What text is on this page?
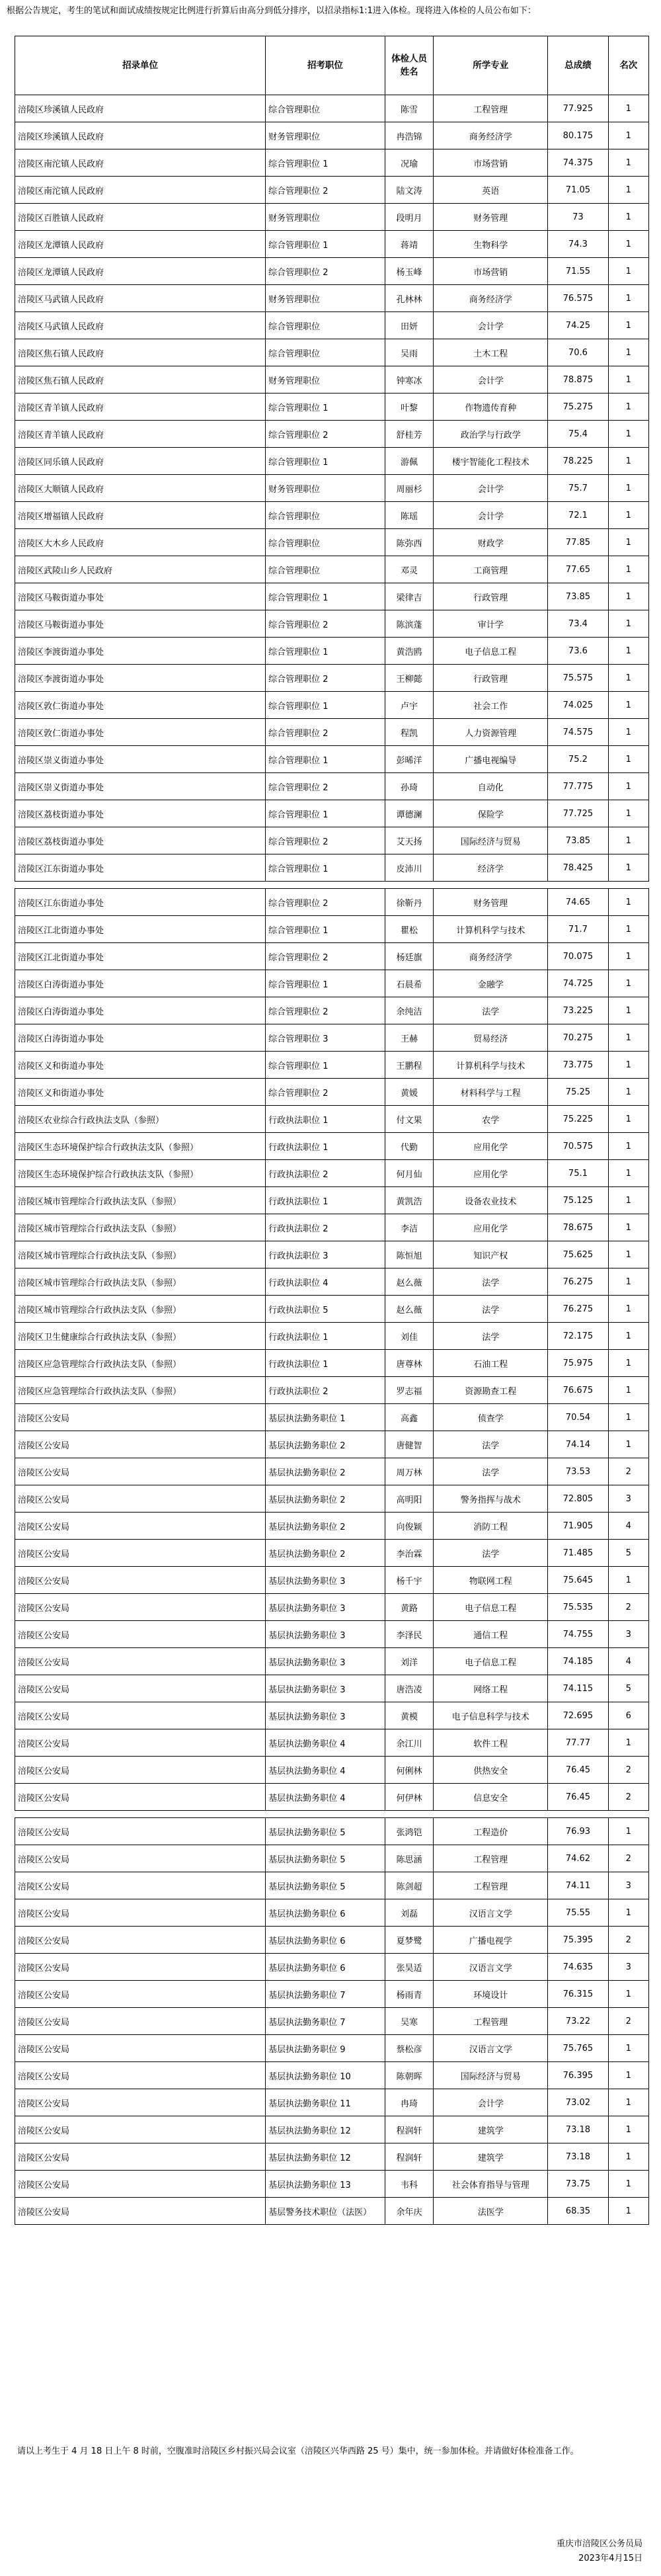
根据公告规定，考生的笔试和面试成绩按规定比例进行折算后由高分到低分排序，以招录指标1:1进入体检。现将进入体检的人员公布如下：
招录单位	招考职位	体检人员姓名	所学专业	总成绩	名次
涪陵区珍溪镇人民政府	综合管理职位	陈雪	工程管理	77.925	1
涪陵区珍溪镇人民政府	财务管理职位	冉浩锦	商务经济学	80.175	1
涪陵区南沱镇人民政府	综合管理职位 1	况瑜	市场营销	74.375	1
涪陵区南沱镇人民政府	综合管理职位 2	陆文涛	英语	71.05	1
涪陵区百胜镇人民政府	财务管理职位	段明月	财务管理	73	1
涪陵区龙潭镇人民政府	综合管理职位 1	蒋靖	生物科学	74.3	1
涪陵区龙潭镇人民政府	综合管理职位 2	杨玉峰	市场营销	71.55	1
涪陵区马武镇人民政府	财务管理职位	孔林林	商务经济学	76.575	1
涪陵区马武镇人民政府	综合管理职位	田妍	会计学	74.25	1
涪陵区焦石镇人民政府	综合管理职位	吴雨	土木工程	70.6	1
涪陵区焦石镇人民政府	财务管理职位	钟寒冰	会计学	78.875	1
涪陵区青羊镇人民政府	综合管理职位 1	叶黎	作物遗传育种	75.275	1
涪陵区青羊镇人民政府	综合管理职位 2	舒桂芳	政治学与行政学	75.4	1
涪陵区同乐镇人民政府	综合管理职位 1	游佩	楼宇智能化工程技术	78.225	1
涪陵区大顺镇人民政府	财务管理职位	周丽杉	会计学	75.7	1
涪陵区增福镇人民政府	综合管理职位	陈瑶	会计学	72.1	1
涪陵区大木乡人民政府	综合管理职位	陈弥西	财政学	77.85	1
涪陵区武陵山乡人民政府	综合管理职位	邓灵	工商管理	77.65	1
涪陵区马鞍街道办事处	综合管理职位 1	梁律吉	行政管理	73.85	1
涪陵区马鞍街道办事处	综合管理职位 2	陈滨蓬	审计学	73.4	1
涪陵区李渡街道办事处	综合管理职位 1	黄浩鸥	电子信息工程	73.6	1
涪陵区李渡街道办事处	综合管理职位 2	王柳懿	行政管理	75.575	1
涪陵区敦仁街道办事处	综合管理职位 1	卢宇	社会工作	74.025	1
涪陵区敦仁街道办事处	综合管理职位 2	程凯	人力资源管理	74.575	1
涪陵区崇义街道办事处	综合管理职位 1	彭晞洋	广播电视编导	75.2	1
涪陵区崇义街道办事处	综合管理职位 2	孙琦	自动化	77.775	1
涪陵区荔枝街道办事处	综合管理职位 1	谭德澜	保险学	77.725	1
涪陵区荔枝街道办事处	综合管理职位 2	艾天扬	国际经济与贸易	73.85	1
涪陵区江东街道办事处	综合管理职位 1	皮沛川	经济学	78.425	1

涪陵区江东街道办事处	综合管理职位 2	徐靳丹	财务管理	74.65	1
涪陵区江北街道办事处	综合管理职位 1	瞿松	计算机科学与技术	71.7	1
涪陵区江北街道办事处	综合管理职位 2	杨廷旗	商务经济学	70.075	1
涪陵区白涛街道办事处	综合管理职位 1	石晨希	金融学	74.725	1
涪陵区白涛街道办事处	综合管理职位 2	余纯洁	法学	73.225	1
涪陵区白涛街道办事处	综合管理职位 3	王赫	贸易经济	70.275	1
涪陵区义和街道办事处	综合管理职位 1	王鹏程	计算机科学与技术	73.775	1
涪陵区义和街道办事处	综合管理职位 2	黄媛	材料科学与工程	75.25	1
涪陵区农业综合行政执法支队（参照）	行政执法职位 1	付文果	农学	75.225	1
涪陵区生态环境保护综合行政执法支队（参照）	行政执法职位 1	代勤	应用化学	70.575	1
涪陵区生态环境保护综合行政执法支队（参照）	行政执法职位 2	何月仙	应用化学	75.1	1
涪陵区城市管理综合行政执法支队（参照）	行政执法职位 1	黄凯浩	设备农业技术	75.125	1
涪陵区城市管理综合行政执法支队（参照）	行政执法职位 2	李洁	应用化学	78.675	1
涪陵区城市管理综合行政执法支队（参照）	行政执法职位 3	陈恒旭	知识产权	75.625	1
涪陵区城市管理综合行政执法支队（参照）	行政执法职位 4	赵么薇	法学	76.275	1
涪陵区城市管理综合行政执法支队（参照）	行政执法职位 5	赵么薇	法学	76.275	1
涪陵区卫生健康综合行政执法支队（参照）	行政执法职位 1	刘佳	法学	72.175	1
涪陵区应急管理综合行政执法支队（参照）	行政执法职位 1	唐尊林	石油工程	75.975	1
涪陵区应急管理综合行政执法支队（参照）	行政执法职位 2	罗志福	资源勘查工程	76.675	1
涪陵区公安局	基层执法勤务职位 1	高鑫	侦查学	70.54	1
涪陵区公安局	基层执法勤务职位 2	唐健智	法学	74.14	1
涪陵区公安局	基层执法勤务职位 2	周万林	法学	73.53	2
涪陵区公安局	基层执法勤务职位 2	高明阳	警务指挥与战术	72.805	3
涪陵区公安局	基层执法勤务职位 2	向俊颖	消防工程	71.905	4
涪陵区公安局	基层执法勤务职位 2	李治霖	法学	71.485	5
涪陵区公安局	基层执法勤务职位 3	杨千宇	物联网工程	75.645	1
涪陵区公安局	基层执法勤务职位 3	黄路	电子信息工程	75.535	2
涪陵区公安局	基层执法勤务职位 3	李泽民	通信工程	74.755	3
涪陵区公安局	基层执法勤务职位 3	刘洋	电子信息工程	74.185	4
涪陵区公安局	基层执法勤务职位 3	唐浩凌	网络工程	74.115	5
涪陵区公安局	基层执法勤务职位 3	黄模	电子信息科学与技术	72.695	6
涪陵区公安局	基层执法勤务职位 4	余江川	软件工程	77.77	1
涪陵区公安局	基层执法勤务职位 4	何俐林	供热安全	76.45	2
涪陵区公安局	基层执法勤务职位 4	何伊林	信息安全	76.45	2

涪陵区公安局	基层执法勤务职位 5	张鸿铠	工程造价	76.93	1
涪陵区公安局	基层执法勤务职位 5	陈思涵	工程管理	74.62	2
涪陵区公安局	基层执法勤务职位 5	陈剑超	工程管理	74.11	3
涪陵区公安局	基层执法勤务职位 6	刘磊	汉语言文学	75.55	1
涪陵区公安局	基层执法勤务职位 6	夏梦鹭	广播电视学	75.395	2
涪陵区公安局	基层执法勤务职位 6	张昊适	汉语言文学	74.635	3
涪陵区公安局	基层执法勤务职位 7	杨雨青	环境设计	76.315	1
涪陵区公安局	基层执法勤务职位 7	吴寒	工程管理	73.22	2
涪陵区公安局	基层执法勤务职位 9	蔡松彦	汉语言文学	75.765	1
涪陵区公安局	基层执法勤务职位 10	陈朝晖	国际经济与贸易	76.395	1
涪陵区公安局	基层执法勤务职位 11	冉琦	会计学	73.02	1
涪陵区公安局	基层执法勤务职位 12	程润轩	建筑学	73.18	1
涪陵区公安局	基层执法勤务职位 12	程润轩	建筑学	73.18	1
涪陵区公安局	基层执法勤务职位 13	韦科	社会体育指导与管理	73.75	1
涪陵区公安局	基层警务技术职位（法医）	余年庆	法医学	68.35	1
请以上考生于 4 月 18 日上午 8 时前，空腹准时涪陵区乡村振兴局会议室（涪陵区兴华西路 25 号）集中，统一参加体检。并请做好体检准备工作。
重庆市涪陵区公务员局
2023年4月15日
